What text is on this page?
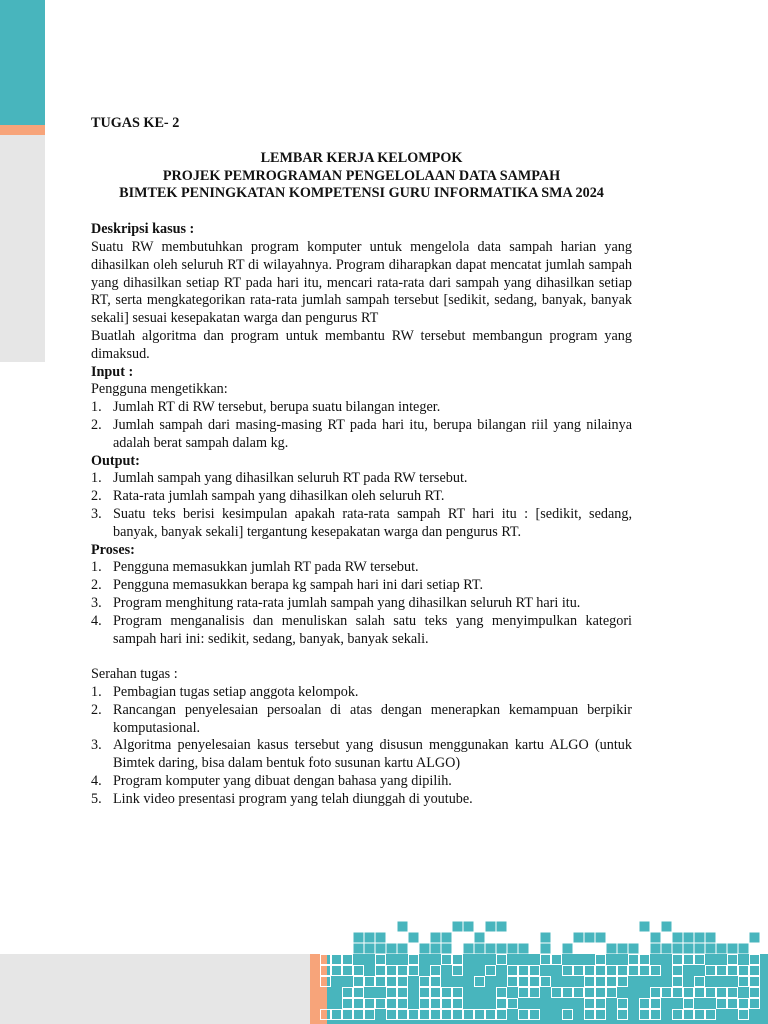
TUGAS KE- 2

LEMBAR KERJA KELOMPOK
PROJEK PEMROGRAMAN PENGELOLAAN DATA SAMPAH
BIMTEK PENINGKATAN KOMPETENSI GURU INFORMATIKA SMA 2024

Deskripsi kasus :

Suatu RW membutuhkan program komputer untuk mengelola data sampah harian yang dihasilkan oleh seluruh RT di wilayahnya. Program diharapkan dapat mencatat jumlah sampah yang dihasilkan setiap RT pada hari itu, mencari rata-rata dari sampah yang dihasilkan setiap RT, serta mengkategorikan rata-rata jumlah sampah tersebut [sedikit, sedang, banyak, banyak sekali] sesuai kesepakatan warga dan pengurus RT

Buatlah algoritma dan program untuk membantu RW tersebut membangun program yang dimaksud.

Input :

Pengguna mengetikkan:

1. Jumlah RT di RW tersebut, berupa suatu bilangan integer.
2. Jumlah sampah dari masing-masing RT pada hari itu, berupa bilangan riil yang nilainya adalah berat sampah dalam kg.

Output:

1. Jumlah sampah yang dihasilkan seluruh RT pada RW tersebut.
2. Rata-rata jumlah sampah yang dihasilkan oleh seluruh RT.
3. Suatu teks berisi kesimpulan apakah rata-rata sampah RT hari itu : [sedikit, sedang, banyak, banyak sekali] tergantung kesepakatan warga dan pengurus RT.

Proses:

1. Pengguna memasukkan jumlah RT pada RW tersebut.
2. Pengguna memasukkan berapa kg sampah hari ini dari setiap RT.
3. Program menghitung rata-rata jumlah sampah yang dihasilkan seluruh RT hari itu.
4. Program menganalisis dan menuliskan salah satu teks yang menyimpulkan kategori sampah hari ini: sedikit, sedang, banyak, banyak sekali.

Serahan tugas :

1. Pembagian tugas setiap anggota kelompok.
2. Rancangan penyelesaian persoalan di atas dengan menerapkan kemampuan berpikir komputasional.
3. Algoritma penyelesaian kasus tersebut yang disusun menggunakan kartu ALGO (untuk Bimtek daring, bisa dalam bentuk foto susunan kartu ALGO)
4. Program komputer yang dibuat dengan bahasa yang dipilih.
5. Link video presentasi program yang telah diunggah di youtube.
